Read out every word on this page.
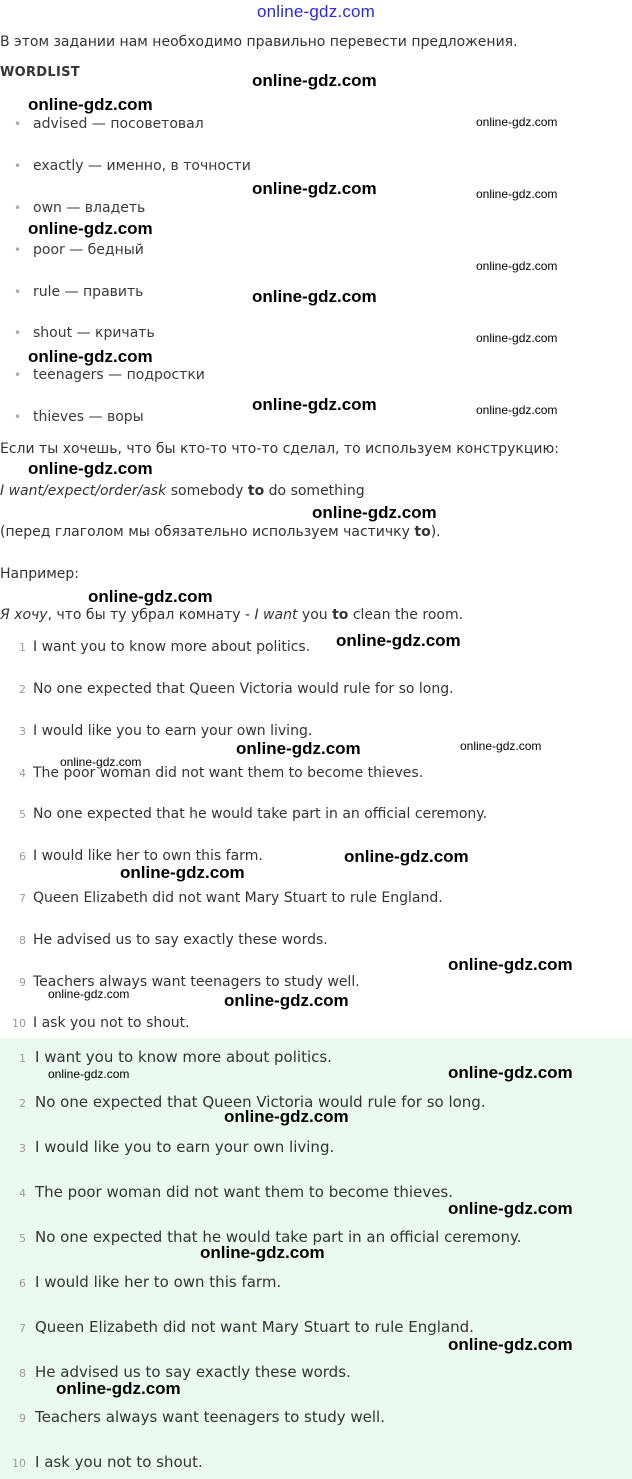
online-gdz.com
В этом задании нам необходимо правильно перевести предложения.
WORDLIST
• advised — посоветовал
• exactly — именно, в точности
• own — владеть
• poor — бедный
• rule — править
• shout — кричать
• teenagers — подростки
• thieves — воры
Если ты хочешь, что бы кто-то что-то сделал, то используем конструкцию:
I want/expect/order/ask somebody to do something
(перед глаголом мы обязательно используем частичку to).
Например:
Я хочу, что бы ту убрал комнату - I want you to clean the room.
1 I want you to know more about politics.
2 No one expected that Queen Victoria would rule for so long.
3 I would like you to earn your own living.
4 The poor woman did not want them to become thieves.
5 No one expected that he would take part in an official ceremony.
6 I would like her to own this farm.
7 Queen Elizabeth did not want Mary Stuart to rule England.
8 He advised us to say exactly these words.
9 Teachers always want teenagers to study well.
10 I ask you not to shout.
1 I want you to know more about politics.
2 No one expected that Queen Victoria would rule for so long.
3 I would like you to earn your own living.
4 The poor woman did not want them to become thieves.
5 No one expected that he would take part in an official ceremony.
6 I would like her to own this farm.
7 Queen Elizabeth did not want Mary Stuart to rule England.
8 He advised us to say exactly these words.
9 Teachers always want teenagers to study well.
10 I ask you not to shout.
online-gdz.com
online-gdz.com
online-gdz.com
online-gdz.com	online-gdz.com
online-gdz.com
online-gdz.com
online-gdz.com
online-gdz.com
online-gdz.com
online-gdz.com	online-gdz.com
online-gdz.com
online-gdz.com
online-gdz.com
online-gdz.com
online-gdz.com	online-gdz.com
online-gdz.com
online-gdz.com
online-gdz.com
online-gdz.com
online-gdz.com	online-gdz.com
online-gdz.com	online-gdz.com
online-gdz.com
online-gdz.com
online-gdz.com
online-gdz.com
online-gdz.com
